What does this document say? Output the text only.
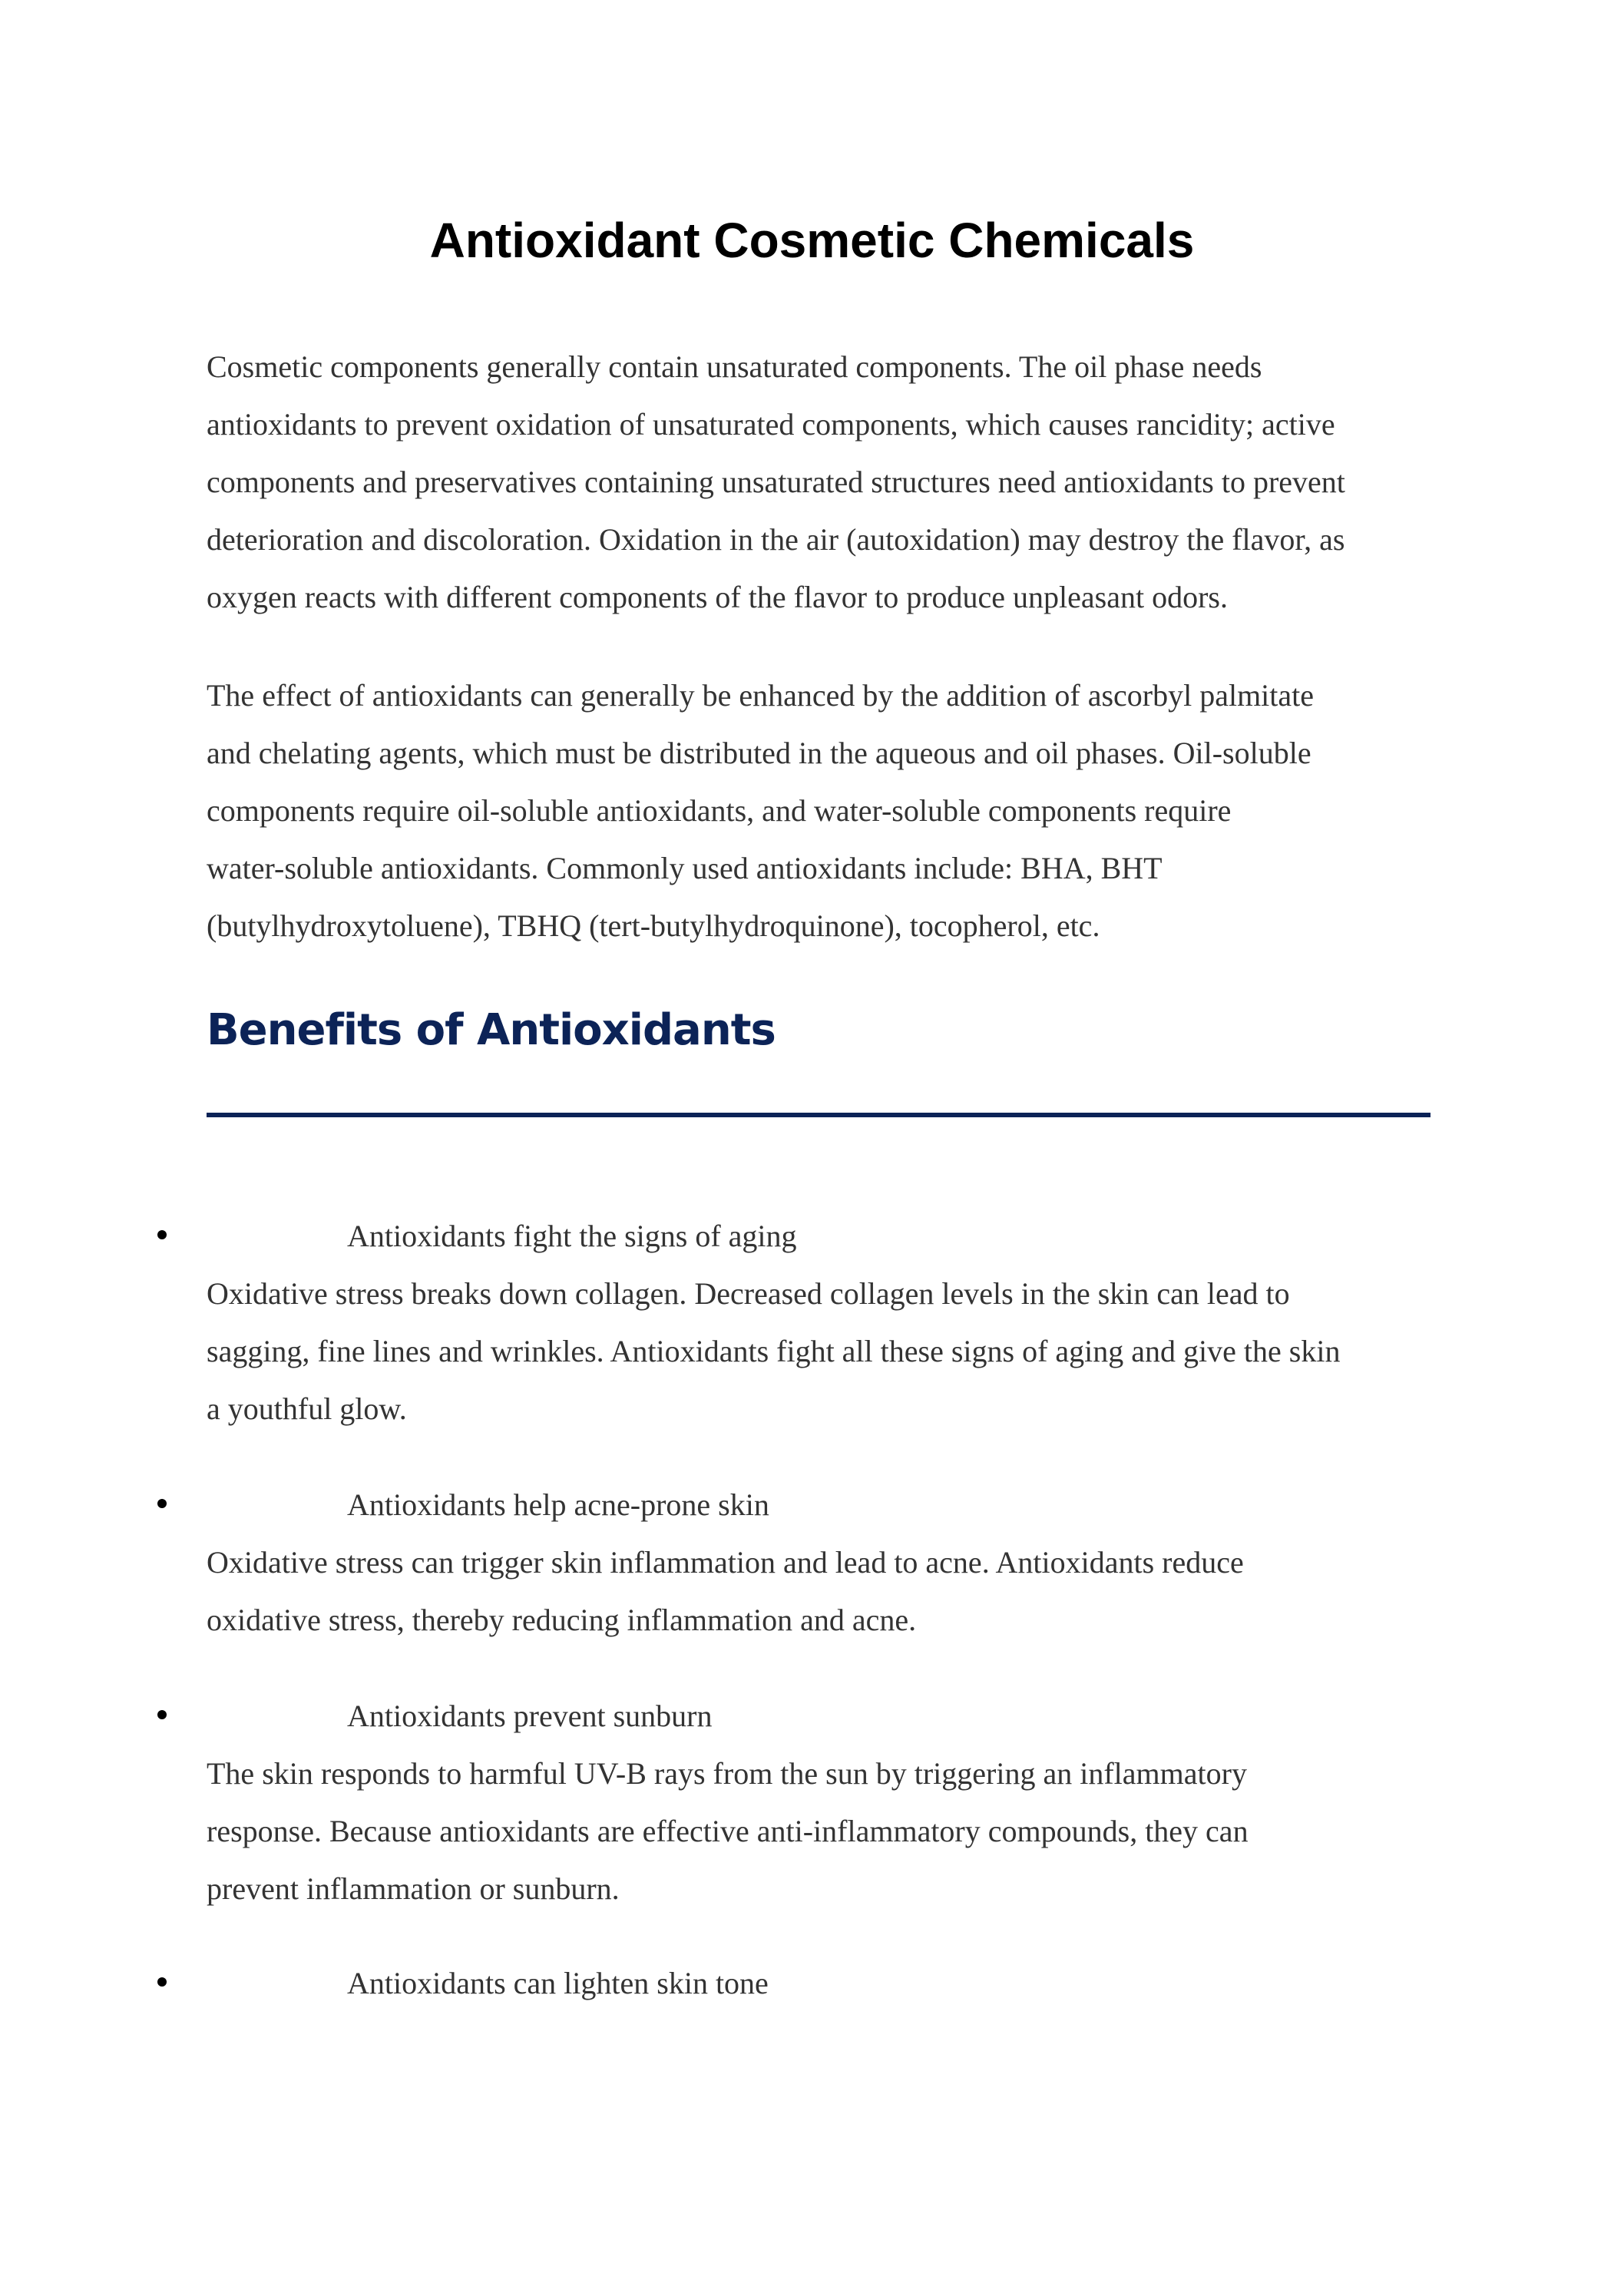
Antioxidant Cosmetic Chemicals
Cosmetic components generally contain unsaturated components. The oil phase needs
antioxidants to prevent oxidation of unsaturated components, which causes rancidity; active
components and preservatives containing unsaturated structures need antioxidants to prevent
deterioration and discoloration. Oxidation in the air (autoxidation) may destroy the flavor, as
oxygen reacts with different components of the flavor to produce unpleasant odors.
The effect of antioxidants can generally be enhanced by the addition of ascorbyl palmitate
and chelating agents, which must be distributed in the aqueous and oil phases. Oil-soluble
components require oil-soluble antioxidants, and water-soluble components require
water-soluble antioxidants. Commonly used antioxidants include: BHA, BHT
(butylhydroxytoluene), TBHQ (tert-butylhydroquinone), tocopherol, etc.
Benefits of Antioxidants
Antioxidants fight the signs of aging
Oxidative stress breaks down collagen. Decreased collagen levels in the skin can lead to
sagging, fine lines and wrinkles. Antioxidants fight all these signs of aging and give the skin
a youthful glow.
Antioxidants help acne-prone skin
Oxidative stress can trigger skin inflammation and lead to acne. Antioxidants reduce
oxidative stress, thereby reducing inflammation and acne.
Antioxidants prevent sunburn
The skin responds to harmful UV-B rays from the sun by triggering an inflammatory
response. Because antioxidants are effective anti-inflammatory compounds, they can
prevent inflammation or sunburn.
Antioxidants can lighten skin tone
